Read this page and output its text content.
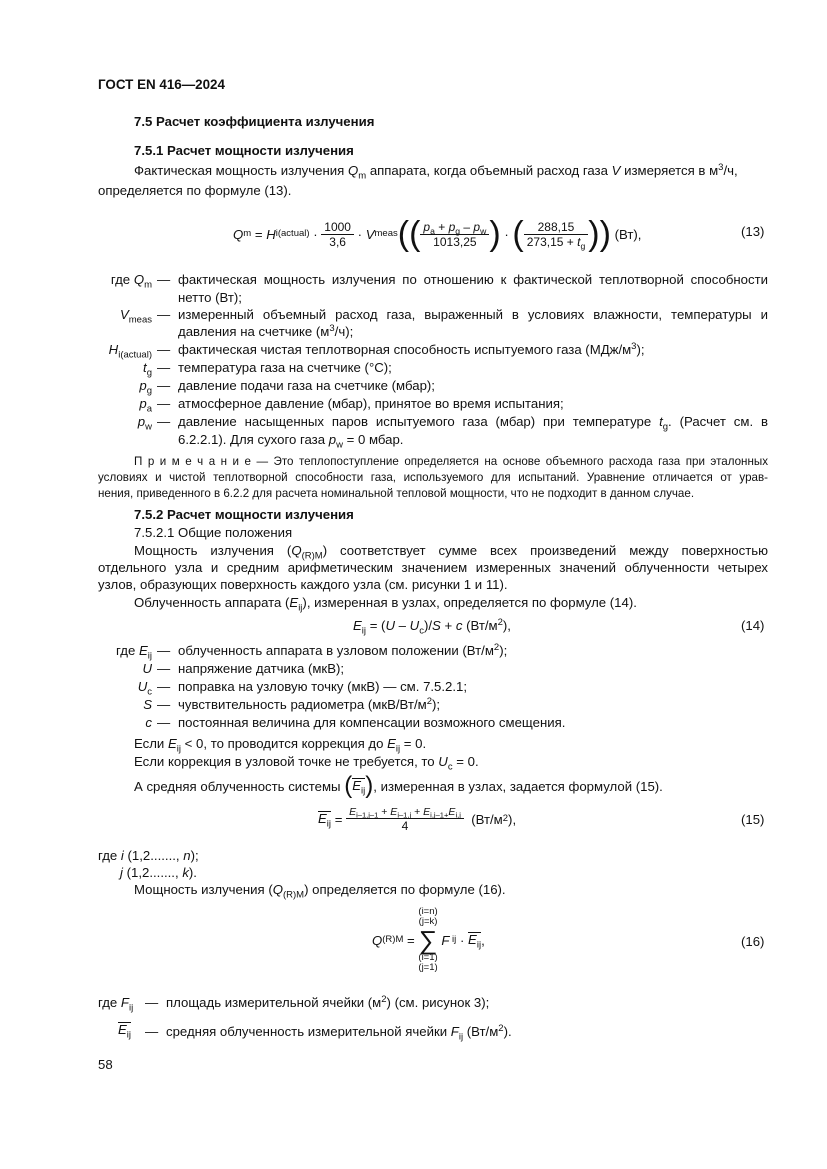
ГОСТ EN 416—2024
7.5 Расчет коэффициента излучения
7.5.1 Расчет мощности излучения
Фактическая мощность излучения $Q_m$ аппарата, когда объемный расход газа V измеряется в $м^3/ч$,
определяется по формуле (13).
Q m = H i(actual) · $\frac{1000}{3,6} \cdot V$ meas ( ( $\frac{p_a + p_g - p_w}{1013,25}$ ) · ( $\frac{288,15}{273,15 + t_g}$ ) )
(Вт),	(13)
где $Q_m$ — фактическая мощность излучения по отношению к фактической теплотворной способности
нетто (Вт);
$V_{meas}$ — измеренный объемный расход газа, выраженный в условиях влажности, температуры и
давления на счетчике $(м^3/ч)$;
$H_{i(actual)}$ — фактическая чистая теплотворная способность испытуемого газа $(МДж/м^3)$;
$t_g$ — температура газа на счетчике (°С);
$p_g$ — давление подачи газа на счетчике (мбар);
$p_a$ — атмосферное давление (мбар), принятое во время испытания;
$p_w$ — давление насыщенных паров испытуемого газа (мбар) при температуре $t_g$. (Расчет см. в
6.2.2.1). Для сухого газа $p_w = 0$ мбар.
П р и м е ч а н и е — Это теплопоступление определяется на основе объемного расхода газа при эталонных
условиях и чистой теплотворной способности газа, используемого для испытаний. Уравнение отличается от урав-
нения, приведенного в 6.2.2 для расчета номинальной тепловой мощности, что не подходит в данном случае.
7.5.2 Расчет мощности излучения
7.5.2.1 Общие положения
Мощность излучения $(Q_{(R)M})$ соответствует сумме всех произведений между поверхностью
отдельного узла и средним арифметическим значением измеренных значений облученности четырех
узлов, образующих поверхность каждого узла (см. рисунки 1 и 11).
Облученность аппарата $(E_{ij})$, измеренная в узлах, определяется по формуле (14).
$E_{ij} = (U - U_c)/S + c$ $(Вт/м^2)$,	(14)
где $E_{ij}$ — облученность аппарата в узловом положении $(Вт/м^2)$;
U — напряжение датчика (мкВ);
$U_c$ — поправка на узловую точку (мкВ) — см. 7.5.2.1;
S — чувствительность радиометра $(мкВ/Вт/м^2)$;
c — постоянная величина для компенсации возможного смещения.
Если $E_{ij} < 0$, то проводится коррекция до $E_{ij} = 0$.
Если коррекция в узловой точке не требуется, то $U_c = 0$.
А средняя облученность системы
( $E_{ij}$ ) , измеренная в узлах, задается формулой (15).
$E_{ij} = \frac{E_{i-1,j-1} + E_{i-1,j} + E_{i,j-1+}E_{i,j}}{4} (Вт/м$ 2 ),	(15)
где i (1,2......., n);
j (1,2......., k).
Мощность излучения $(Q_{(R)M})$ определяется по формуле (16).
Q (R)M =
(i=n)
(j=k)
∑
(i=1)
(j=1)

F ij · $E_{ij}$ ,	(16)
где $F_{ij}$ — площадь измерительной ячейки $(м^2)$ (см. рисунок 3);
$E_{ij}$ — средняя облученность измерительной ячейки $F_{ij}$ $(Вт/м^2)$.
58
